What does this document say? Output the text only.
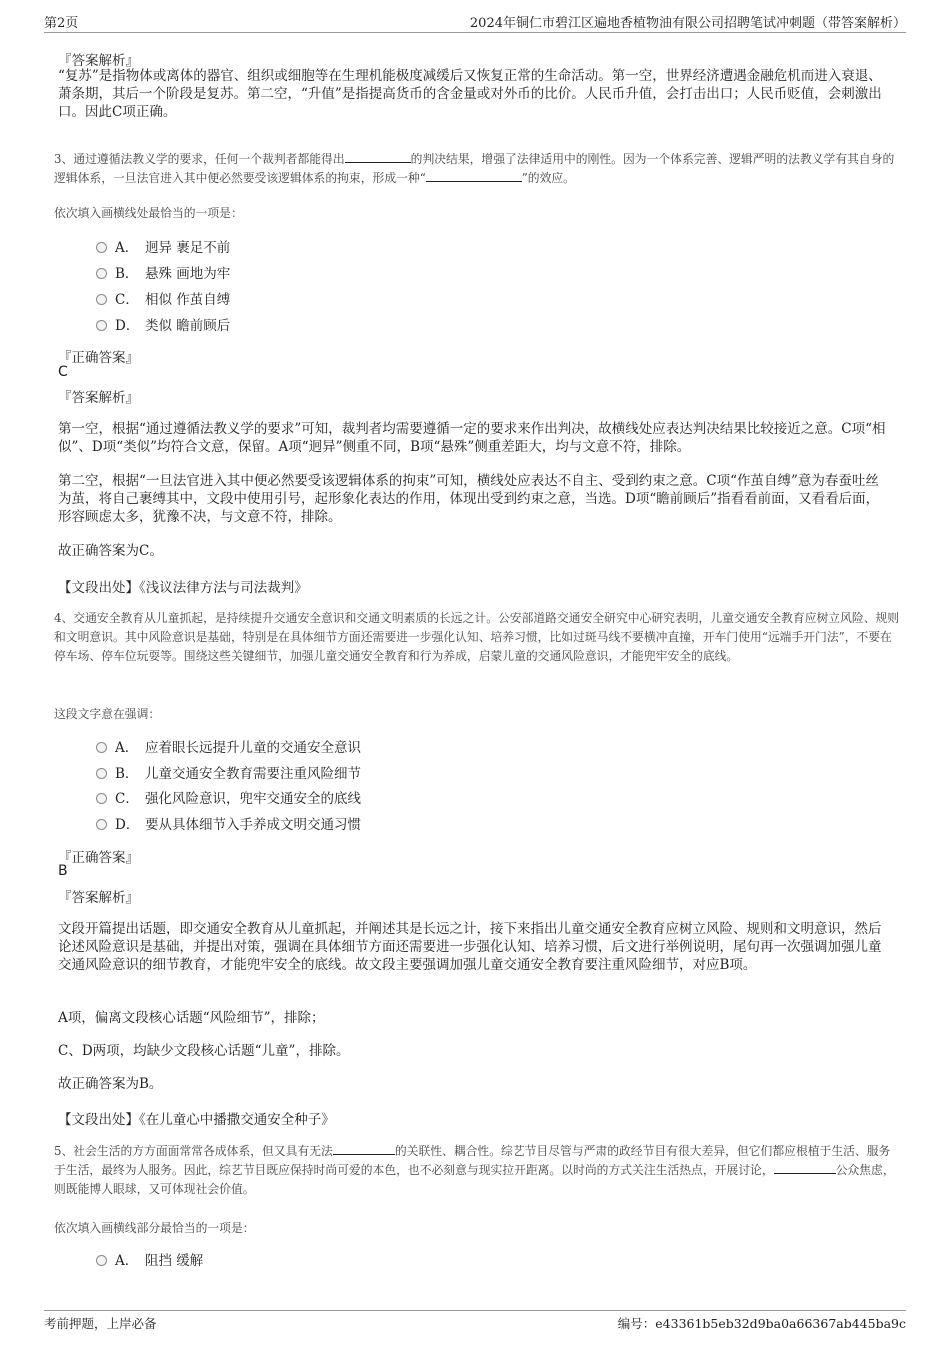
第2页	2024年铜仁市碧江区遍地香植物油有限公司招聘笔试冲刺题（带答案解析）
『答案解析』
“复苏”是指物体或离体的器官、组织或细胞等在生理机能极度减缓后又恢复正常的生命活动。第一空，世界经济遭遇金融危机而进入衰退、萧条期，其后一个阶段是复苏。第二空，“升值”是指提高货币的含金量或对外币的比价。人民币升值，会打击出口；人民币贬值，会刺激出口。因此C项正确。
3、通过遵循法教义学的要求，任何一个裁判者都能得出	的判决结果，增强了法律适用中的刚性。因为一个体系完善、逻辑严明的法教义学有其自身的逻辑体系，一旦法官进入其中便必然要受该逻辑体系的拘束，形成一种“	”的效应。
依次填入画横线处最恰当的一项是：
A． 迥异 裹足不前
B． 悬殊 画地为牢
C． 相似 作茧自缚
D． 类似 瞻前顾后
『正确答案』
C
『答案解析』
第一空，根据“通过遵循法教义学的要求”可知，裁判者均需要遵循一定的要求来作出判决，故横线处应表达判决结果比较接近之意。C项“相似”、D项“类似”均符合文意，保留。A项“迥异”侧重不同，B项“悬殊”侧重差距大，均与文意不符，排除。
第二空，根据“一旦法官进入其中便必然要受该逻辑体系的拘束”可知，横线处应表达不自主、受到约束之意。C项“作茧自缚”意为春蚕吐丝为茧，将自己裹缚其中，文段中使用引号，起形象化表达的作用，体现出受到约束之意，当选。D项“瞻前顾后”指看看前面，又看看后面，形容顾虑太多，犹豫不决，与文意不符，排除。
故正确答案为C。
【文段出处】《浅议法律方法与司法裁判》
4、交通安全教育从儿童抓起，是持续提升交通安全意识和交通文明素质的长远之计。公安部道路交通安全研究中心研究表明，儿童交通安全教育应树立风险、规则和文明意识。其中风险意识是基础，特别是在具体细节方面还需要进一步强化认知、培养习惯，比如过斑马线不要横冲直撞，开车门使用“远端手开门法”，不要在停车场、停车位玩耍等。围绕这些关键细节，加强儿童交通安全教育和行为养成，启蒙儿童的交通风险意识，才能兜牢安全的底线。
这段文字意在强调：
A． 应着眼长远提升儿童的交通安全意识
B． 儿童交通安全教育需要注重风险细节
C． 强化风险意识，兜牢交通安全的底线
D． 要从具体细节入手养成文明交通习惯
『正确答案』
B
『答案解析』
文段开篇提出话题，即交通安全教育从儿童抓起，并阐述其是长远之计，接下来指出儿童交通安全教育应树立风险、规则和文明意识，然后论述风险意识是基础，并提出对策，强调在具体细节方面还需要进一步强化认知、培养习惯，后文进行举例说明，尾句再一次强调加强儿童交通风险意识的细节教育，才能兜牢安全的底线。故文段主要强调加强儿童交通安全教育要注重风险细节，对应B项。
A项，偏离文段核心话题“风险细节”，排除；
C、D两项，均缺少文段核心话题“儿童”，排除。
故正确答案为B。
【文段出处】《在儿童心中播撒交通安全种子》
5、社会生活的方方面面常常各成体系，但又具有无法	的关联性、耦合性。综艺节目尽管与严肃的政经节目有很大差异，但它们都应根植于生活、服务于生活，最终为人服务。因此，综艺节目既应保持时尚可爱的本色，也不必刻意与现实拉开距离。以时尚的方式关注生活热点，开展讨论，	公众焦虑，则既能博人眼球，又可体现社会价值。
依次填入画横线部分最恰当的一项是：
A． 阻挡 缓解
考前押题，上岸必备	编号：e43361b5eb32d9ba0a66367ab445ba9c
